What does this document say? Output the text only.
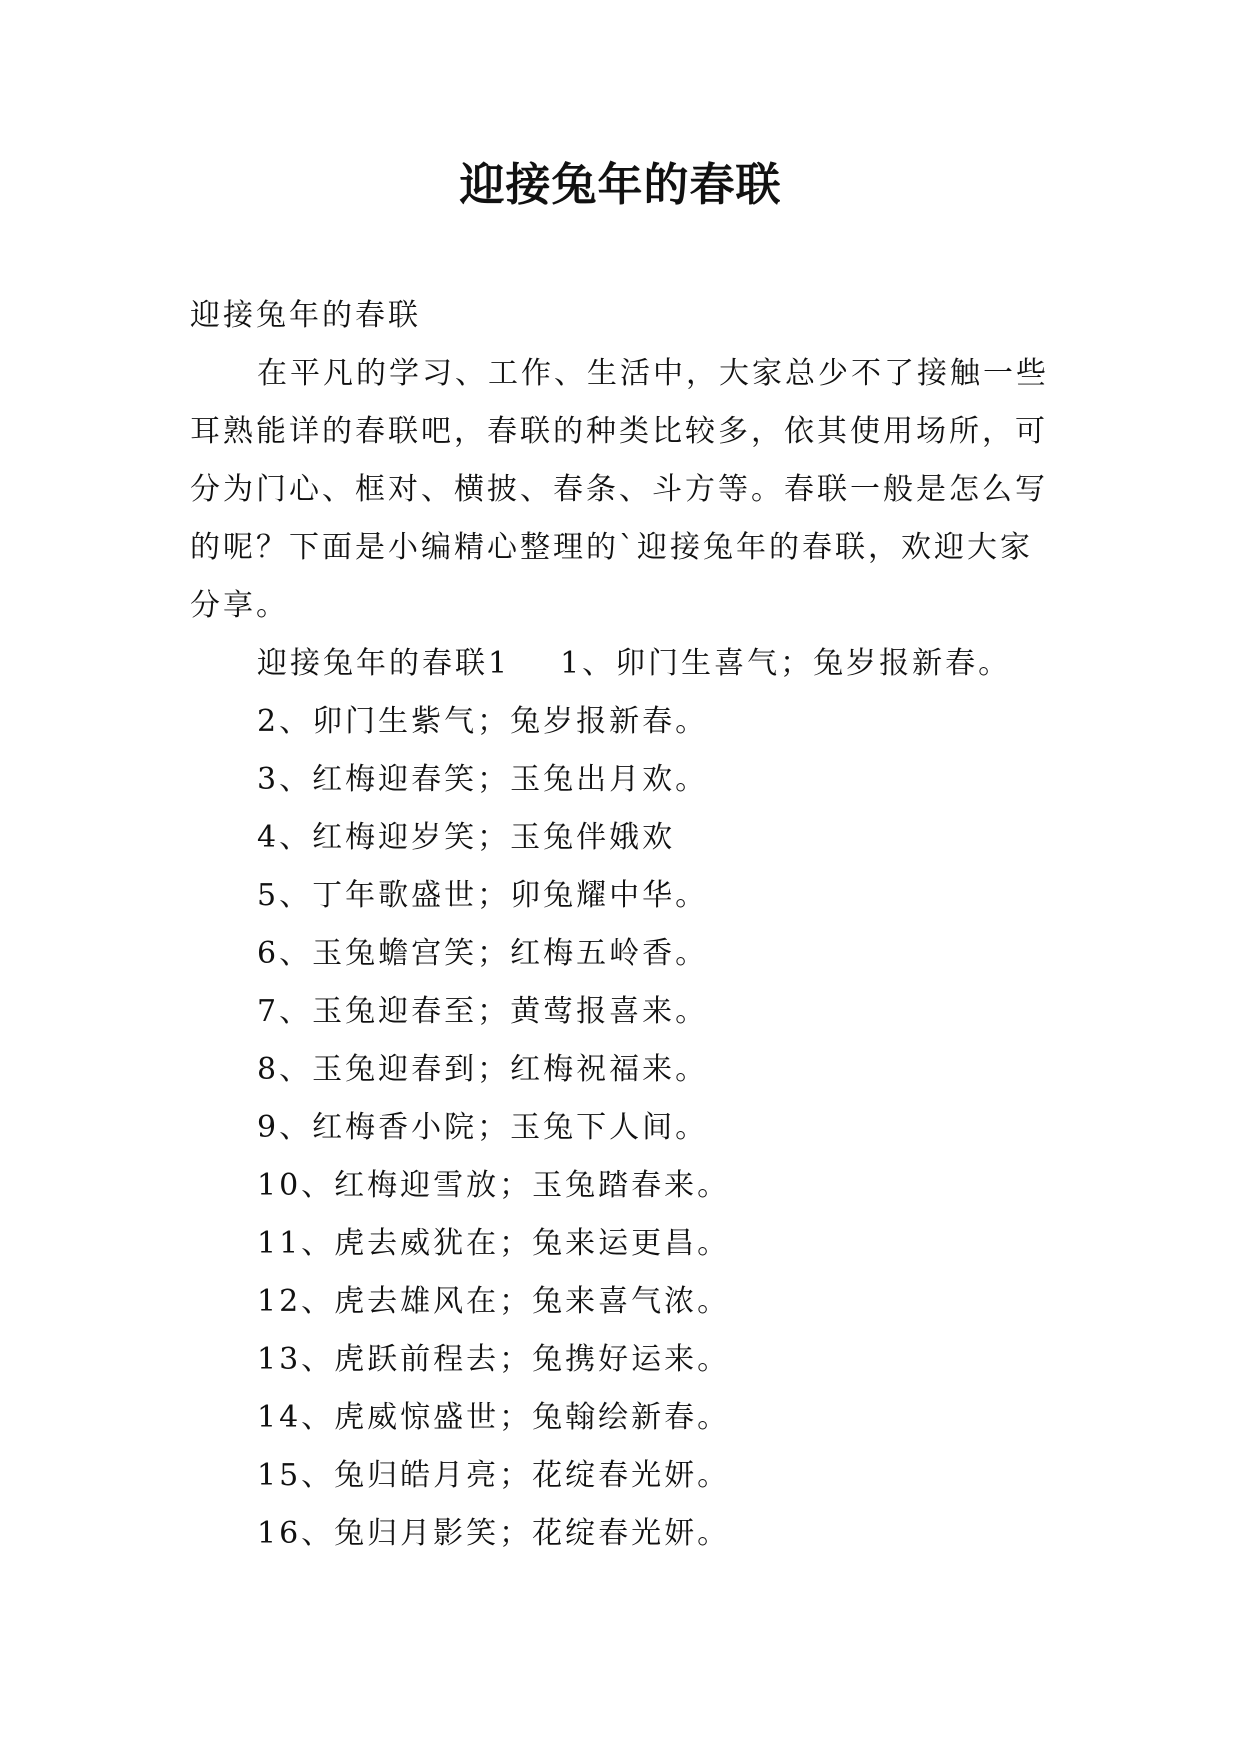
迎接兔年的春联

迎接兔年的春联

在平凡的学习、工作、生活中，大家总少不了接触一些
耳熟能详的春联吧，春联的种类比较多，依其使用场所，可
分为门心、框对、横披、春条、斗方等。春联一般是怎么写
的呢？下面是小编精心整理的`迎接兔年的春联，欢迎大家
分享。

迎接兔年的春联1 1、卯门生喜气；兔岁报新春。

2、卯门生紫气；兔岁报新春。
3、红梅迎春笑；玉兔出月欢。
4、红梅迎岁笑；玉兔伴娥欢
5、丁年歌盛世；卯兔耀中华。
6、玉兔蟾宫笑；红梅五岭香。
7、玉兔迎春至；黄莺报喜来。
8、玉兔迎春到；红梅祝福来。
9、红梅香小院；玉兔下人间。
10、红梅迎雪放；玉兔踏春来。
11、虎去威犹在；兔来运更昌。
12、虎去雄风在；兔来喜气浓。
13、虎跃前程去；兔携好运来。
14、虎威惊盛世；兔翰绘新春。
15、兔归皓月亮；花绽春光妍。
16、兔归月影笑；花绽春光妍。
